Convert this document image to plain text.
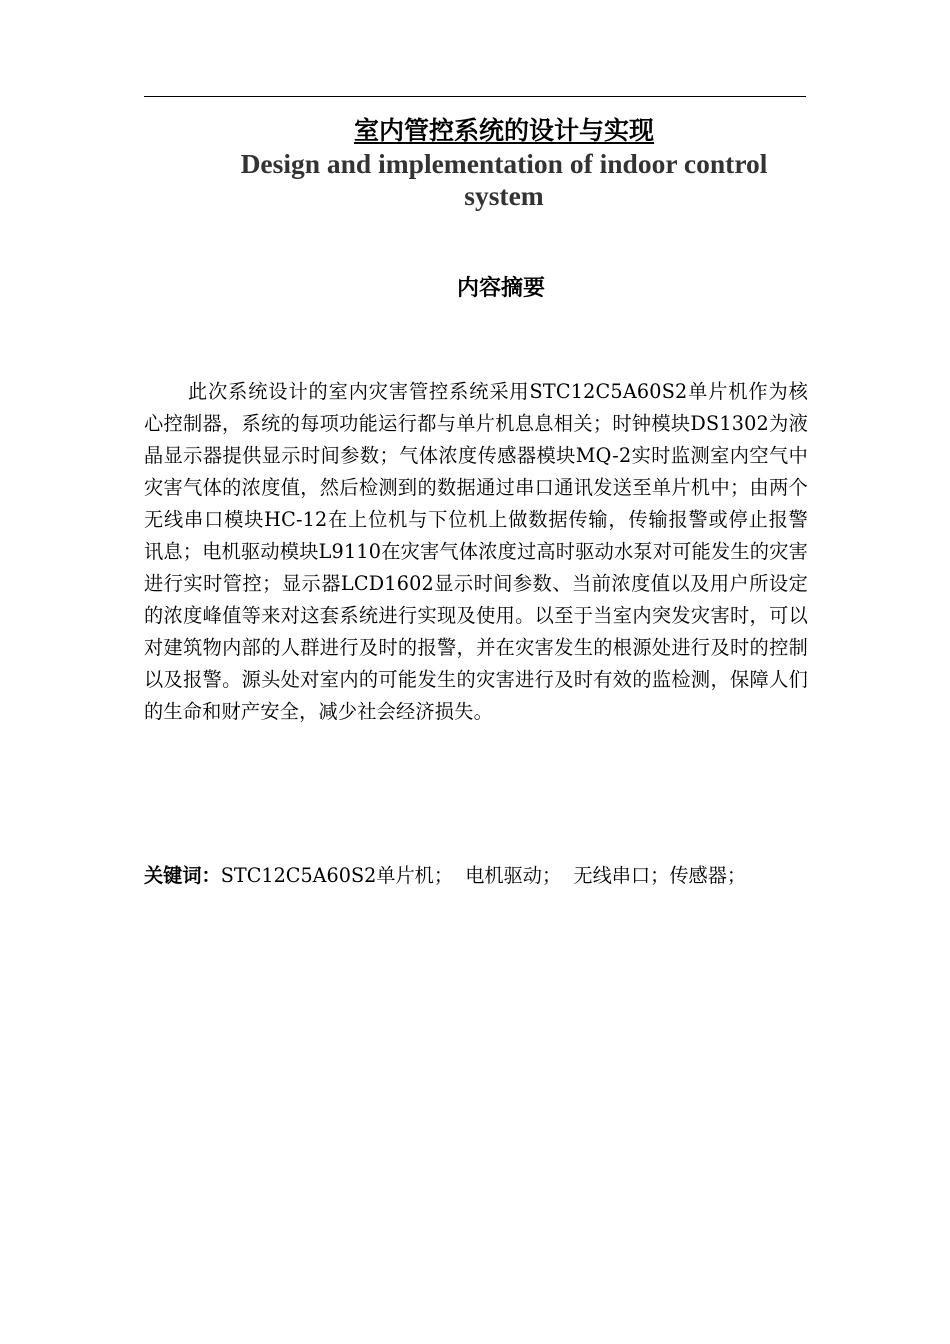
室内管控系统的设计与实现
Design and implementation of indoor control system
内容摘要

此次系统设计的室内灾害管控系统采用STC12C5A60S2单片机作为核心控制器，系统的每项功能运行都与单片机息息相关；时钟模块DS1302为液晶显示器提供显示时间参数；气体浓度传感器模块MQ-2实时监测室内空气中灾害气体的浓度值，然后检测到的数据通过串口通讯发送至单片机中；由两个无线串口模块HC-12在上位机与下位机上做数据传输，传输报警或停止报警讯息；电机驱动模块L9110在灾害气体浓度过高时驱动水泵对可能发生的灾害进行实时管控；显示器LCD1602显示时间参数、当前浓度值以及用户所设定的浓度峰值等来对这套系统进行实现及使用。以至于当室内突发灾害时，可以对建筑物内部的人群进行及时的报警，并在灾害发生的根源处进行及时的控制以及报警。源头处对室内的可能发生的灾害进行及时有效的监检测，保障人们的生命和财产安全，减少社会经济损失。

关键词：STC12C5A60S2单片机；  电机驱动；  无线串口；传感器；
